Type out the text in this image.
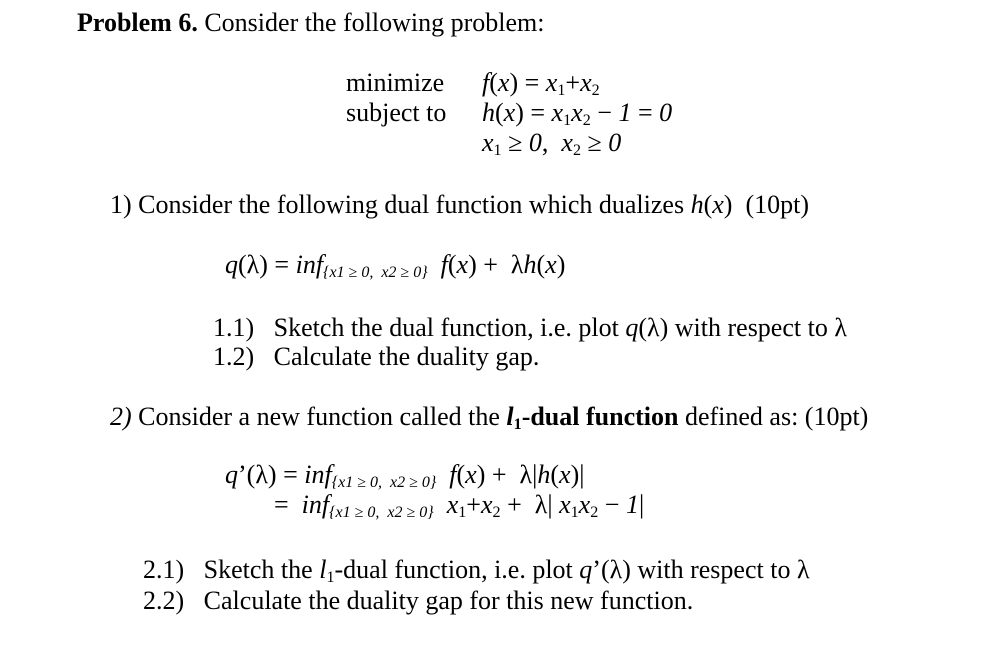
Problem 6. Consider the following problem:
minimize $f(x) = x_1+x_2$
subject to $h(x) = x_1x_2 - 1 = 0$
$x_1 \ge 0$,  $x_2 \ge 0$
1) Consider the following dual function which dualizes h(x)  (10pt)
q(λ) = inf{x1 ≥ 0,  x2 ≥ 0} f(x) +  λh(x)
1.1) Sketch the dual function, i.e. plot q(λ) with respect to λ
1.2) Calculate the duality gap.
2) Consider a new function called the $l_1$-dual function defined as: (10pt)
q’(λ) = inf{x1 ≥ 0,  x2 ≥ 0} f(x) +  λ|h(x)|
=  inf{x1 ≥ 0,  x2 ≥ 0} $x_1+x_2 + \lambda|$ $x_1x_2 - 1|$
2.1) Sketch the $l_1$-dual function, i.e. plot q’(λ) with respect to λ
2.2) Calculate the duality gap for this new function.
